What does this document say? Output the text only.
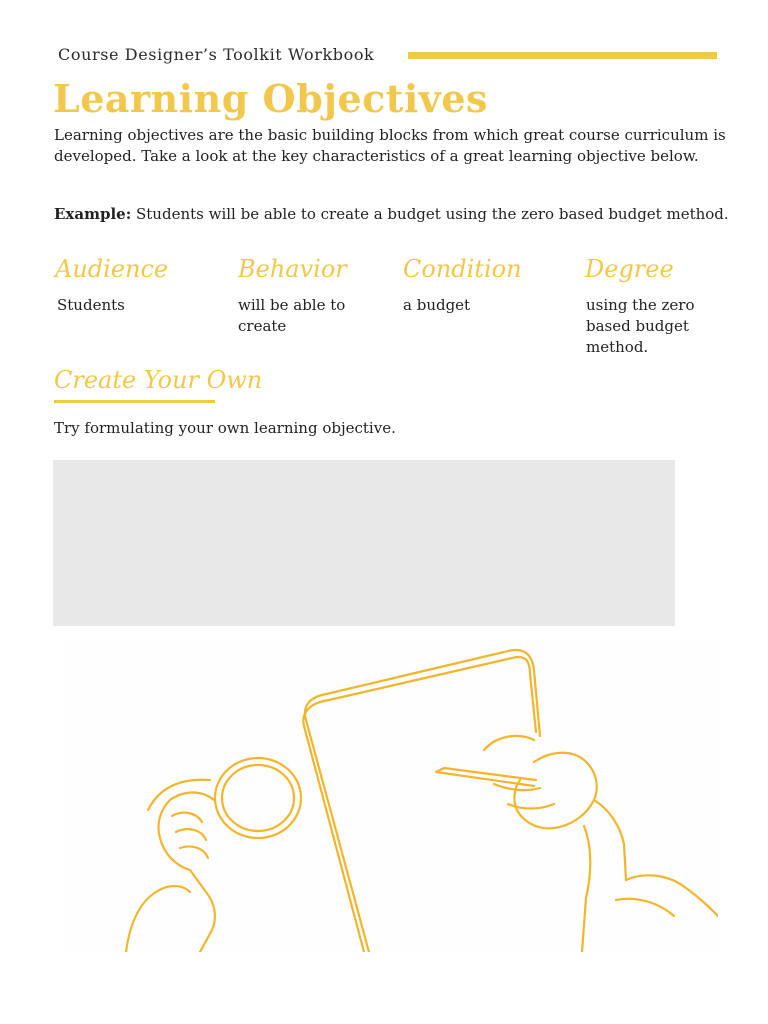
Course Designer’s Toolkit Workbook
Learning Objectives

Learning objectives are the basic building blocks from which great course curriculum is developed. Take a look at the key characteristics of a great learning objective below.

Example: Students will be able to create a budget using the zero based budget method.

Audience
Students
Behavior
will be able to create
Condition
a budget
Degree
using the zero based budget method.
Create Your Own
Try formulating your own learning objective.
